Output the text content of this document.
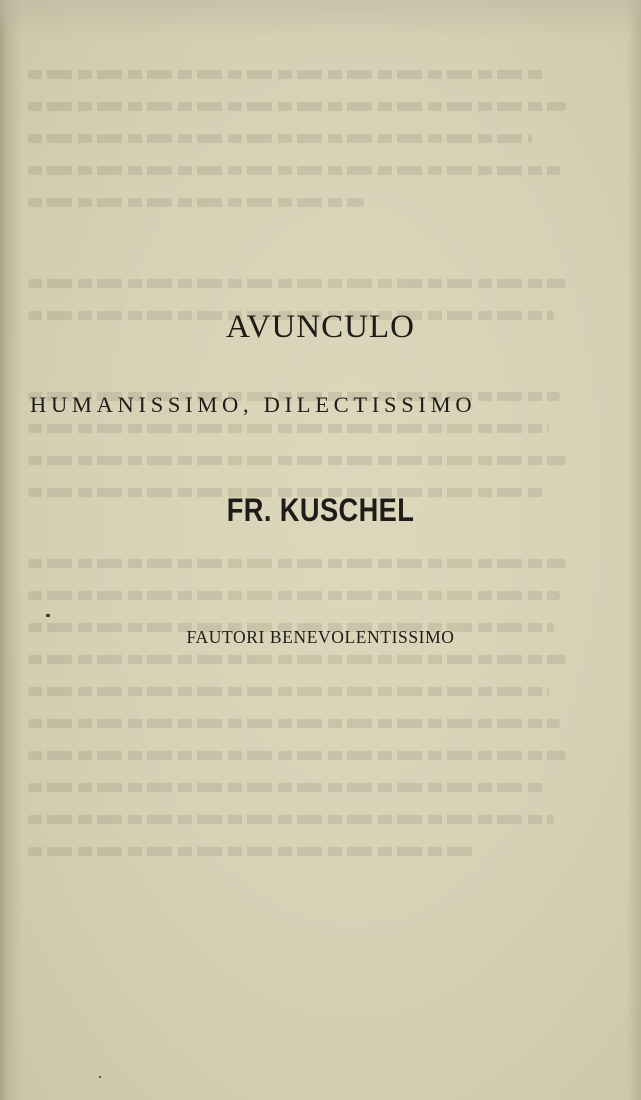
AVUNCULO
HUMANISSIMO, DILECTISSIMO
FR. KUSCHEL
FAUTORI BENEVOLENTISSIMO
